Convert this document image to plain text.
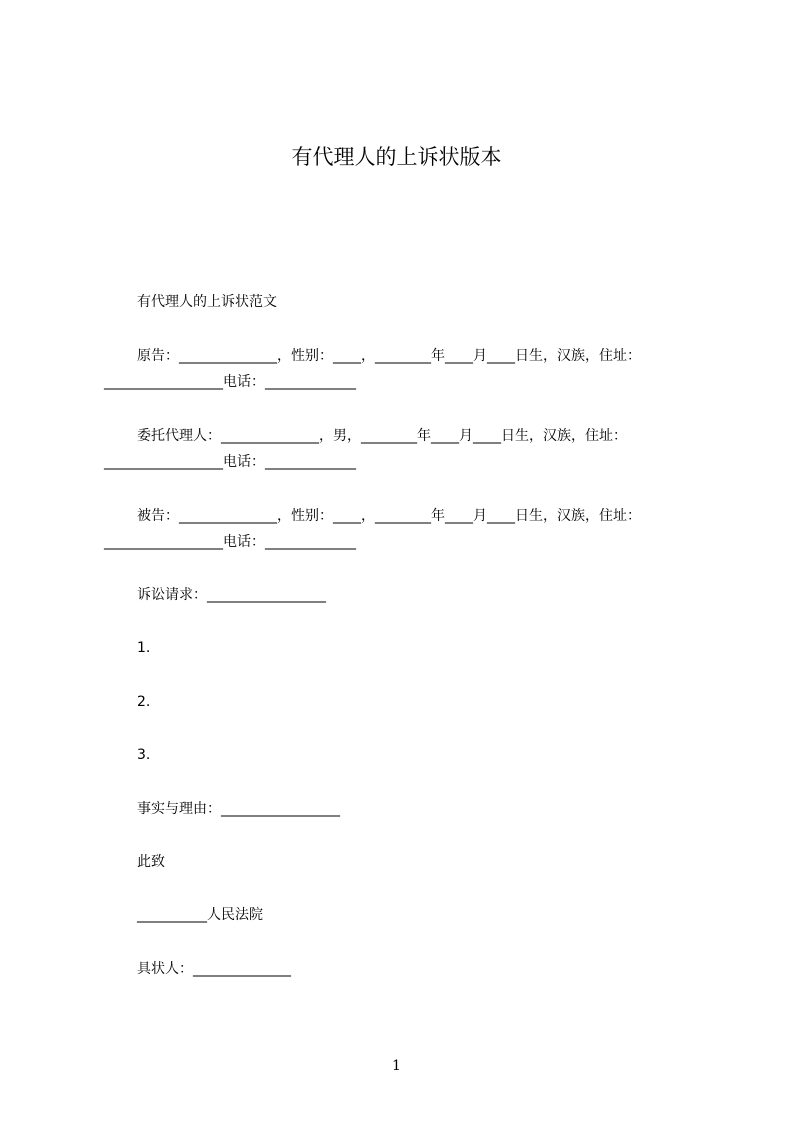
有代理人的上诉状版本
有代理人的上诉状范文
原告：______________，性别：____，________年____月____日生，汉族，住址：
_________________电话：_____________
委托代理人：______________，男，________年____月____日生，汉族，住址：
_________________电话：_____________
被告：______________，性别：____，________年____月____日生，汉族，住址：
_________________电话：_____________
诉讼请求：_________________
1.
2.
3.
事实与理由：_________________
此致
__________人民法院
具状人：______________
1
